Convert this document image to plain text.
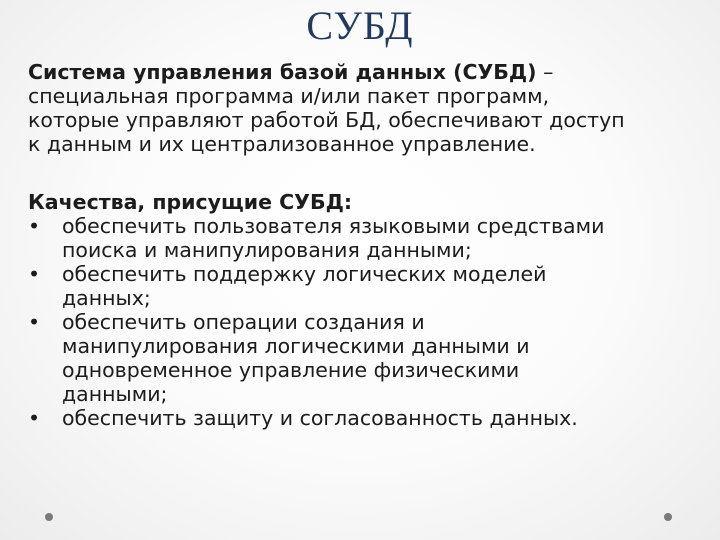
СУБД

Система управления базой данных (СУБД) –
специальная программа и/или пакет программ,
которые управляют работой БД, обеспечивают доступ
к данным и их централизованное управление.

Качества, присущие СУБД:

•	обеспечить пользователя языковыми средствами
поиска и манипулирования данными;
•	обеспечить поддержку логических моделей
данных;
•	обеспечить операции создания и
манипулирования логическими данными и
одновременное управление физическими
данными;
•	обеспечить защиту и согласованность данных.
